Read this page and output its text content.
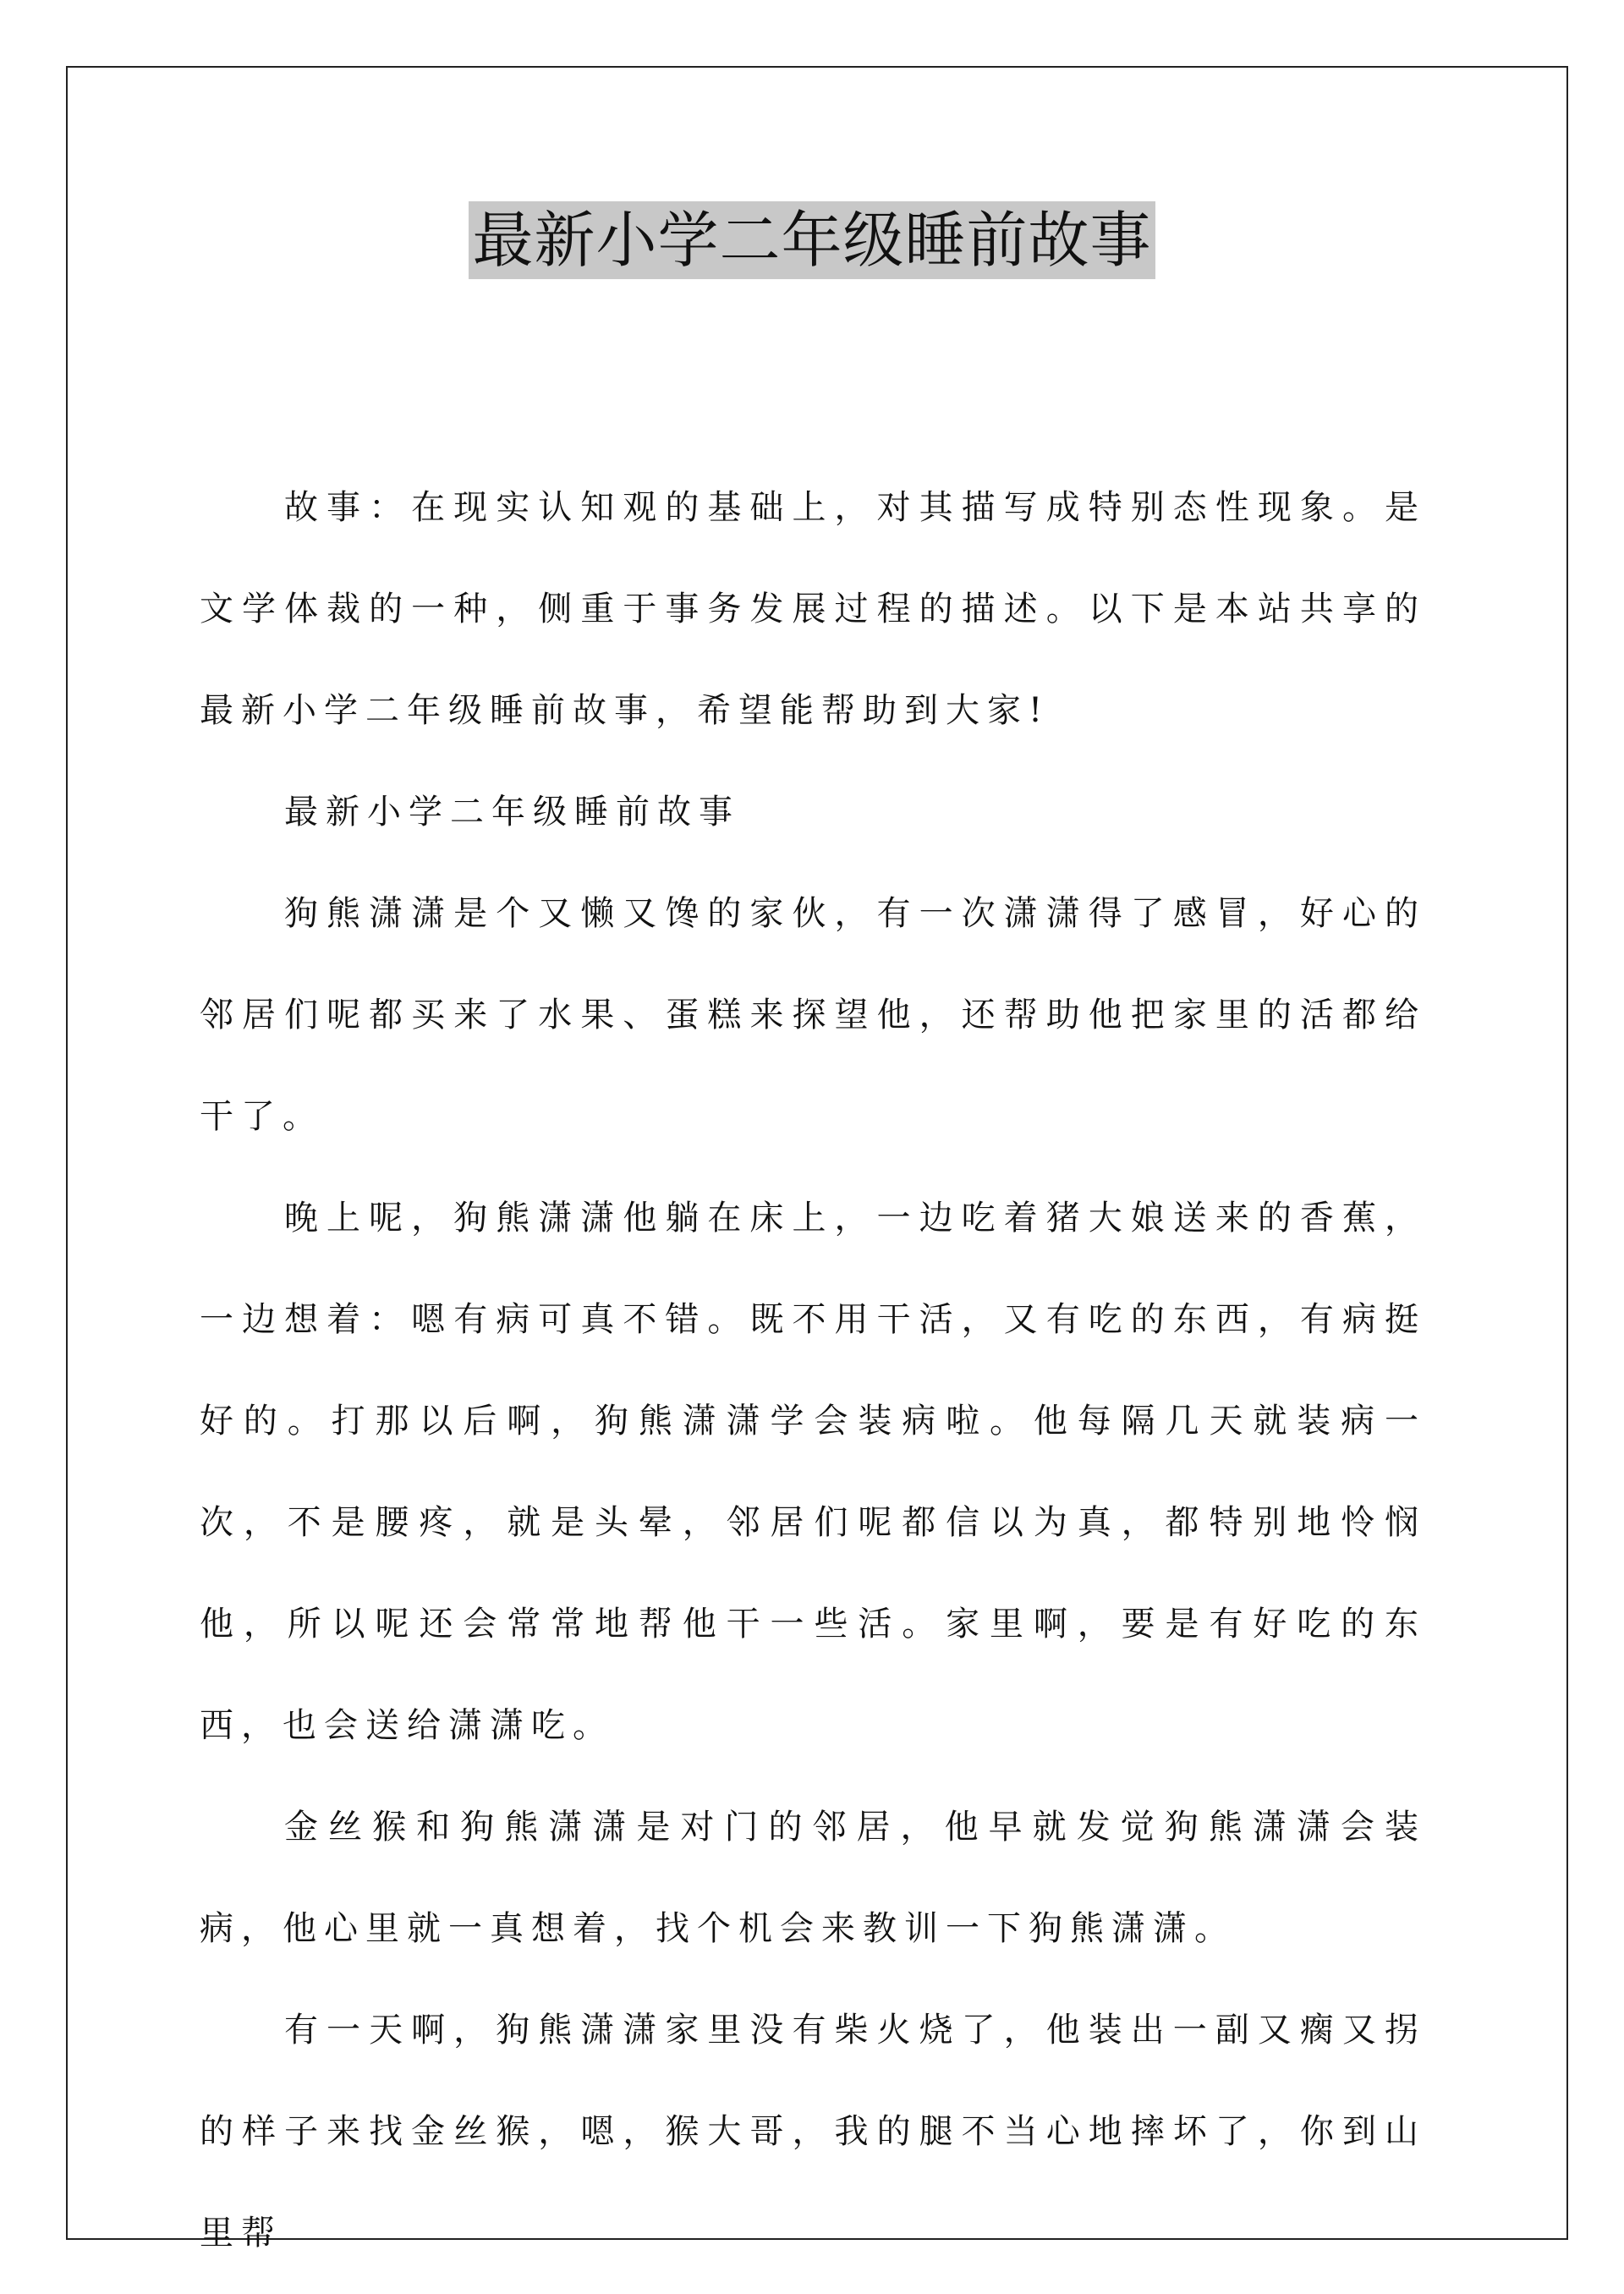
最新小学二年级睡前故事

故事：在现实认知观的基础上，对其描写成特别态性现象。是文学体裁的一种，侧重于事务发展过程的描述。以下是本站共享的最新小学二年级睡前故事，希望能帮助到大家!

最新小学二年级睡前故事

狗熊潇潇是个又懒又馋的家伙，有一次潇潇得了感冒，好心的邻居们呢都买来了水果、蛋糕来探望他，还帮助他把家里的活都给干了。

晚上呢，狗熊潇潇他躺在床上，一边吃着猪大娘送来的香蕉，一边想着：嗯有病可真不错。既不用干活，又有吃的东西，有病挺好的。打那以后啊，狗熊潇潇学会装病啦。他每隔几天就装病一次，不是腰疼，就是头晕，邻居们呢都信以为真，都特别地怜悯他，所以呢还会常常地帮他干一些活。家里啊，要是有好吃的东西，也会送给潇潇吃。

金丝猴和狗熊潇潇是对门的邻居，他早就发觉狗熊潇潇会装病，他心里就一真想着，找个机会来教训一下狗熊潇潇。

有一天啊，狗熊潇潇家里没有柴火烧了，他装出一副又瘸又拐的样子来找金丝猴，嗯，猴大哥，我的腿不当心地摔坏了，你到山里帮
